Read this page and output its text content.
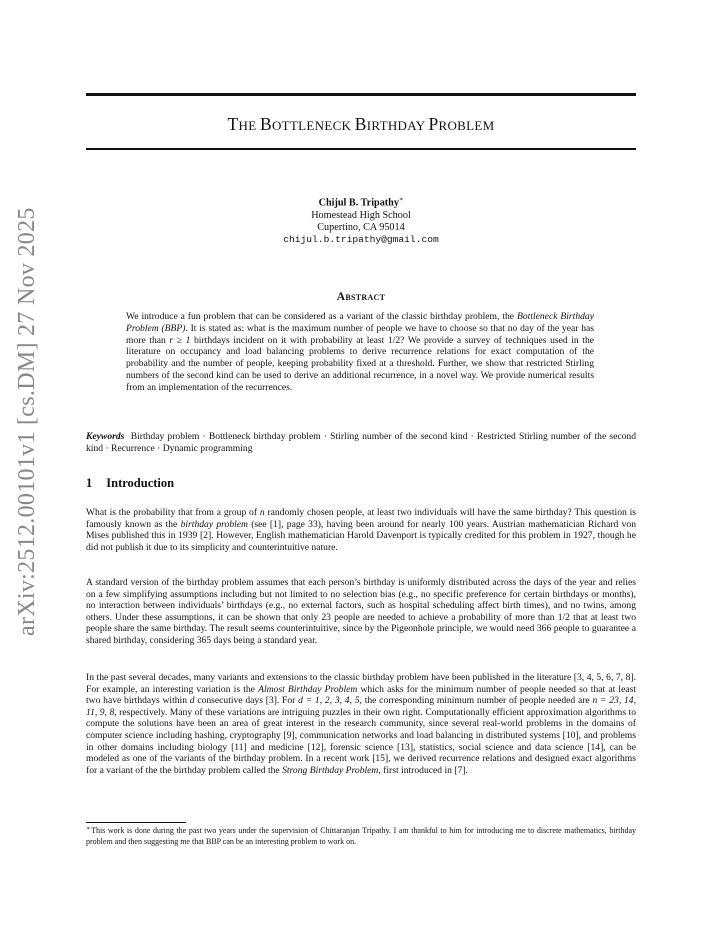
THE BOTTLENECK BIRTHDAY PROBLEM
Chijul B. Tripathy∗
Homestead High School
Cupertino, CA 95014
chijul.b.tripathy@gmail.com
arXiv:2512.00101v1 [cs.DM] 27 Nov 2025	Abstract
We introduce a fun problem that can be considered as a variant of the classic birthday problem, the Bottleneck Birthday Problem (BBP). It is stated as: what is the maximum number of people we have to choose so that no day of the year has more than r ≥ 1 birthdays incident on it with probability at least 1/2? We provide a survey of techniques used in the literature on occupancy and load balancing problems to derive recurrence relations for exact computation of the probability and the number of people, keeping probability fixed at a threshold. Further, we show that restricted Stirling numbers of the second kind can be used to derive an additional recurrence, in a novel way. We provide numerical results from an implementation of the recurrences.
Keywords Birthday problem · Bottleneck birthday problem · Stirling number of the second kind · Restricted Stirling number of the second kind · Recurrence · Dynamic programming
1 Introduction
What is the probability that from a group of n randomly chosen people, at least two individuals will have the same birthday? This question is famously known as the birthday problem (see [1], page 33), having been around for nearly 100 years. Austrian mathematician Richard von Mises published this in 1939 [2]. However, English mathematician Harold Davenport is typically credited for this problem in 1927, though he did not publish it due to its simplicity and counterintuitive nature.
A standard version of the birthday problem assumes that each person’s birthday is uniformly distributed across the days of the year and relies on a few simplifying assumptions including but not limited to no selection bias (e.g., no specific preference for certain birthdays or months), no interaction between individuals’ birthdays (e.g., no external factors, such as hospital scheduling affect birth times), and no twins, among others. Under these assumptions, it can be shown that only 23 people are needed to achieve a probability of more than 1/2 that at least two people share the same birthday. The result seems counterintuitive, since by the Pigeonhole principle, we would need 366 people to guarantee a shared birthday, considering 365 days being a standard year.
In the past several decades, many variants and extensions to the classic birthday problem have been published in the literature [3, 4, 5, 6, 7, 8]. For example, an interesting variation is the Almost Birthday Problem which asks for the minimum number of people needed so that at least two have birthdays within d consecutive days [3]. For d = 1, 2, 3, 4, 5, the corresponding minimum number of people needed are n = 23, 14, 11, 9, 8, respectively. Many of these variations are intriguing puzzles in their own right. Computationally efficient approximation algorithms to compute the solutions have been an area of great interest in the research community, since several real-world problems in the domains of computer science including hashing, cryptography [9], communication networks and load balancing in distributed systems [10], and problems in other domains including biology [11] and medicine [12], forensic science [13], statistics, social science and data science [14], can be modeled as one of the variants of the birthday problem. In a recent work [15], we derived recurrence relations and designed exact algorithms for a variant of the the birthday problem called the Strong Birthday Problem, first introduced in [7].
∗This work is done during the past two years under the supervision of Chittaranjan Tripathy. I am thankful to him for introducing me to discrete mathematics, birthday problem and then suggesting me that BBP can be an interesting problem to work on.
